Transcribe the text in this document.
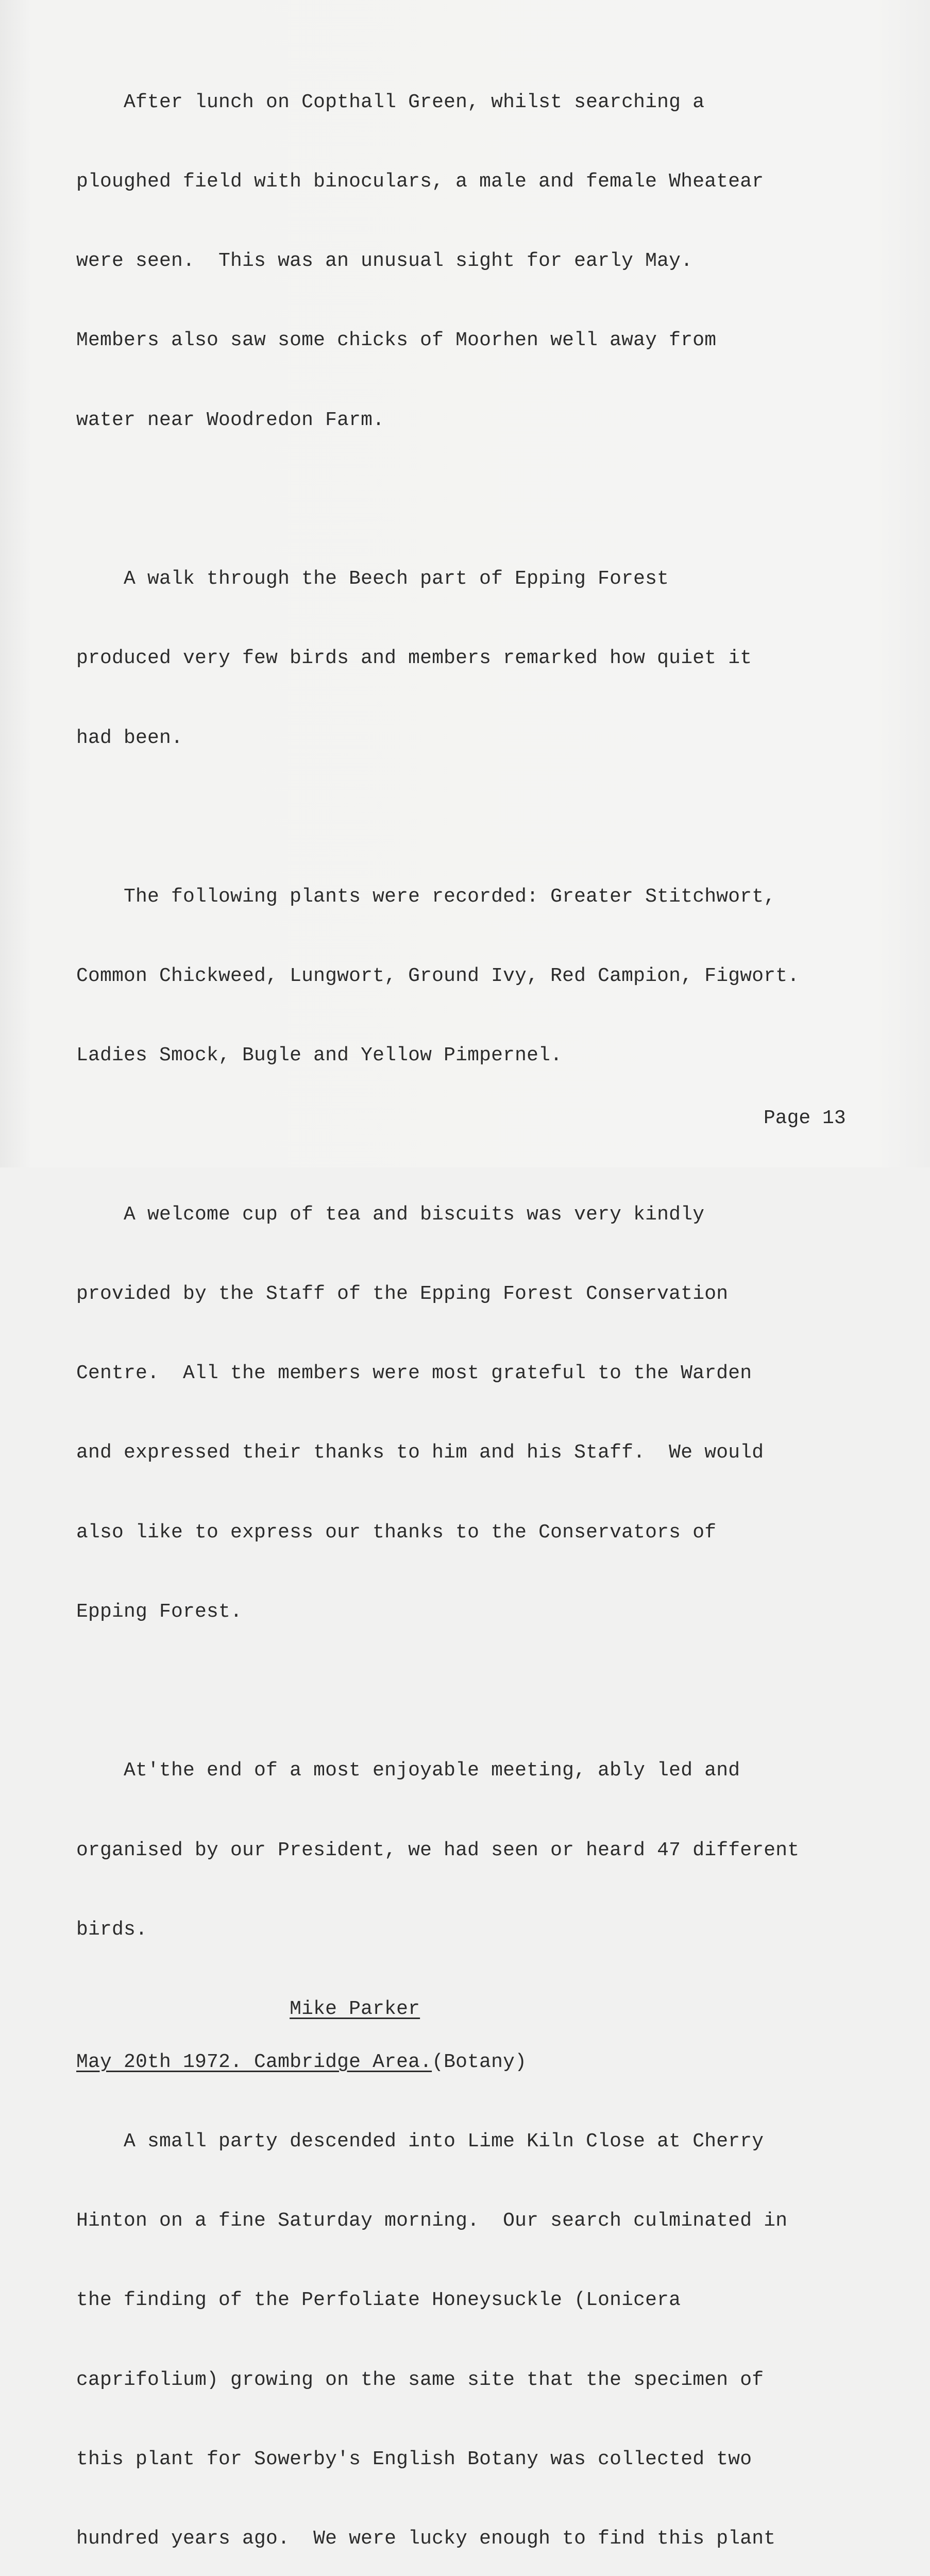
After lunch on Copthall Green, whilst searching a

ploughed field with binoculars, a male and female Wheatear

were seen.  This was an unusual sight for early May.

Members also saw some chicks of Moorhen well away from

water near Woodredon Farm.

A walk through the Beech part of Epping Forest

produced very few birds and members remarked how quiet it

had been.

The following plants were recorded: Greater Stitchwort,

Common Chickweed, Lungwort, Ground Ivy, Red Campion, Figwort.

Ladies Smock, Bugle and Yellow Pimpernel.

A welcome cup of tea and biscuits was very kindly

provided by the Staff of the Epping Forest Conservation

Centre.  All the members were most grateful to the Warden

and expressed their thanks to him and his Staff.  We would

also like to express our thanks to the Conservators of

Epping Forest.

At'the end of a most enjoyable meeting, ably led and

organised by our President, we had seen or heard 47 different

birds.

Mike Parker
May 20th 1972. Cambridge Area.(Botany)

A small party descended into Lime Kiln Close at Cherry

Hinton on a fine Saturday morning.  Our search culminated in

the finding of the Perfoliate Honeysuckle (Lonicera

caprifolium) growing on the same site that the specimen of

this plant for Sowerby's English Botany was collected two

hundred years ago.  We were lucky enough to find this plant

Page 13
